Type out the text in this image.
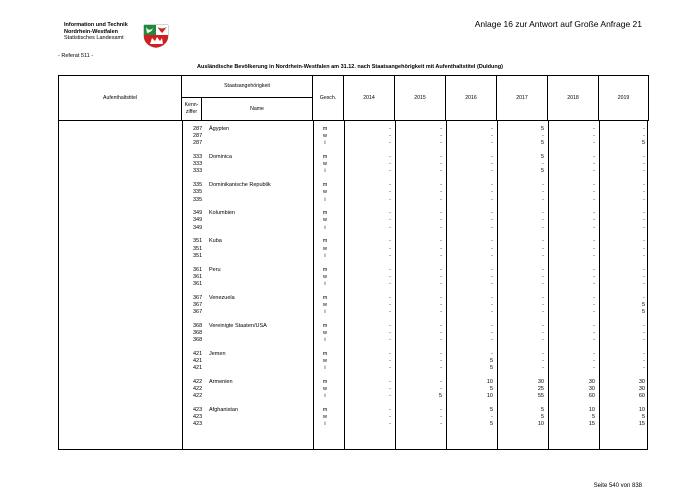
Information und Technik
Nordrhein-Westfalen
Statistisches Landesamt
Anlage 16 zur Antwort auf Große Anfrage 21
- Referat 511 -
Ausländische Bevölkerung in Nordrhein-Westfalen am 31.12. nach Staatsangehörigkeit mit Aufenthaltstitel (Duldung)
Aufenthaltstitel	Staatsangehörigkeit		Gesch.	2014	2015	2016	2017	2018	2019
	Kenn-
ziffer	Name							
287	Ägypten	m	-	-	-	5	-	-
287	w	-	-	-	-	-	-
287	i	-	-	-	5	-	5
333	Dominica	m	-	-	-	5	-	-
333	w	-	-	-	-	-	-
333	i	-	-	-	5	-	-
335	Dominikanische Republik	m	-	-	-	-	-	-
335	w	-	-	-	-	-	-
335	i	-	-	-	-	-	-
349	Kolumbien	m	-	-	-	-	-	-
349	w	-	-	-	-	-	-
349	i	-	-	-	-	-	-
351	Kuba	m	-	-	-	-	-	-
351	w	-	-	-	-	-	-
351	i	-	-	-	-	-	-
361	Peru	m	-	-	-	-	-	-
361	w	-	-	-	-	-	-
361	i	-	-	-	-	-	-
367	Venezuela	m	-	-	-	-	-	-
367	w	-	-	-	-	-	5
367	i	-	-	-	-	-	5
368	Vereinigte Staaten/USA	m	-	-	-	-	-	-
368	w	-	-	-	-	-	-
368	i	-	-	-	-	-	-
421	Jemen	m	-	-	-	-	-	-
421	w	-	-	5	-	-	-
421	i	-	-	5	-	-	-
422	Armenien	m	-	-	10	30	30	30
422	w	-	-	5	25	30	30
422	i	-	5	10	55	60	60
423	Afghanistan	m	-	-	5	5	10	10
423	w	-	-	-	5	5	5
423	i	-	-	5	10	15	15
Seite 540 von 838
